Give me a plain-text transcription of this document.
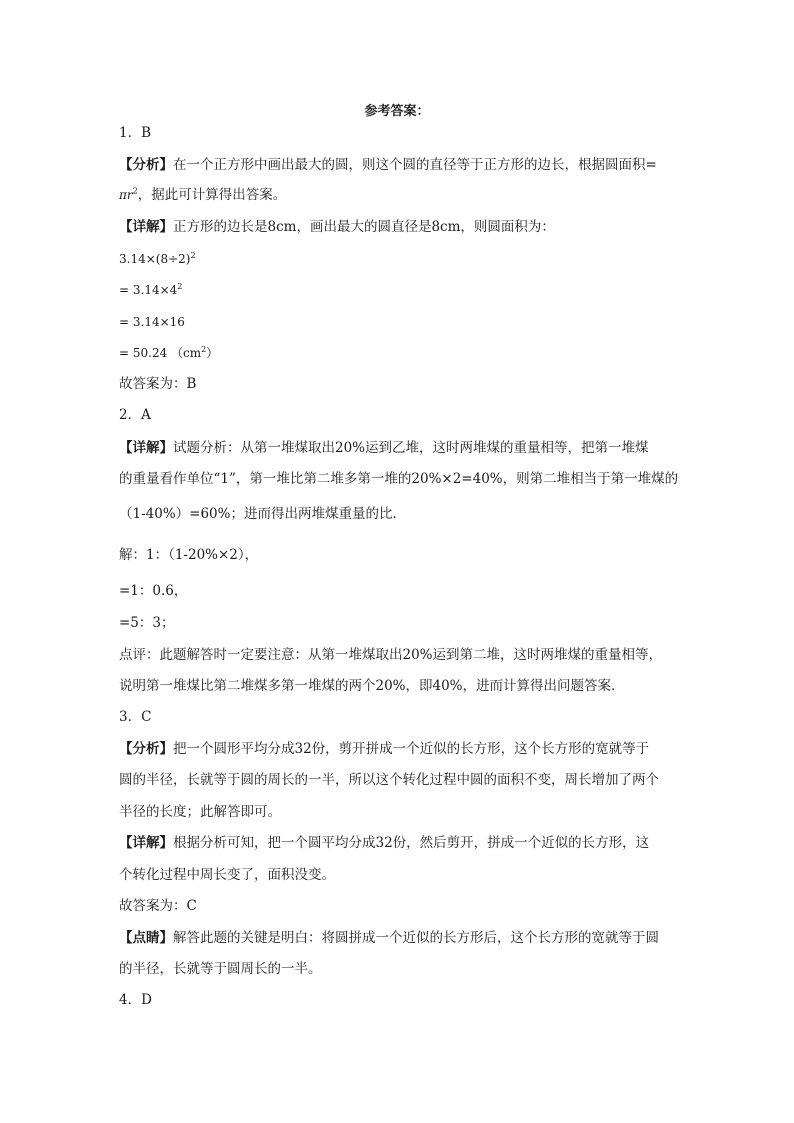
参考答案：
1．B
【分析】在一个正方形中画出最大的圆，则这个圆的直径等于正方形的边长，根据圆面积=
$\pi r^2$，据此可计算得出答案。
【详解】正方形的边长是8cm，画出最大的圆直径是8cm，则圆面积为：
$3.14\times(8\div 2)^2$
= $3.14\times 4^2$
= 3.14×16
= 50.24 $(cm^2)$
故答案为：B
2．A
【详解】试题分析：从第一堆煤取出20%运到乙堆，这时两堆煤的重量相等，把第一堆煤
的重量看作单位“1”，第一堆比第二堆多第一堆的20%×2=40%，则第二堆相当于第一堆煤的
（1-40%）=60%；进而得出两堆煤重量的比．
解：1：（1-20%×2），
=1：0.6，
=5：3；
点评：此题解答时一定要注意：从第一堆煤取出20%运到第二堆，这时两堆煤的重量相等，
说明第一堆煤比第二堆煤多第一堆煤的两个20%，即40%，进而计算得出问题答案．
3．C
【分析】把一个圆形平均分成32份，剪开拼成一个近似的长方形，这个长方形的宽就等于
圆的半径，长就等于圆的周长的一半，所以这个转化过程中圆的面积不变，周长增加了两个
半径的长度；此解答即可。
【详解】根据分析可知，把一个圆平均分成32份，然后剪开，拼成一个近似的长方形，这
个转化过程中周长变了，面积没变。
故答案为：C
【点睛】解答此题的关键是明白：将圆拼成一个近似的长方形后，这个长方形的宽就等于圆
的半径，长就等于圆周长的一半。
4．D
